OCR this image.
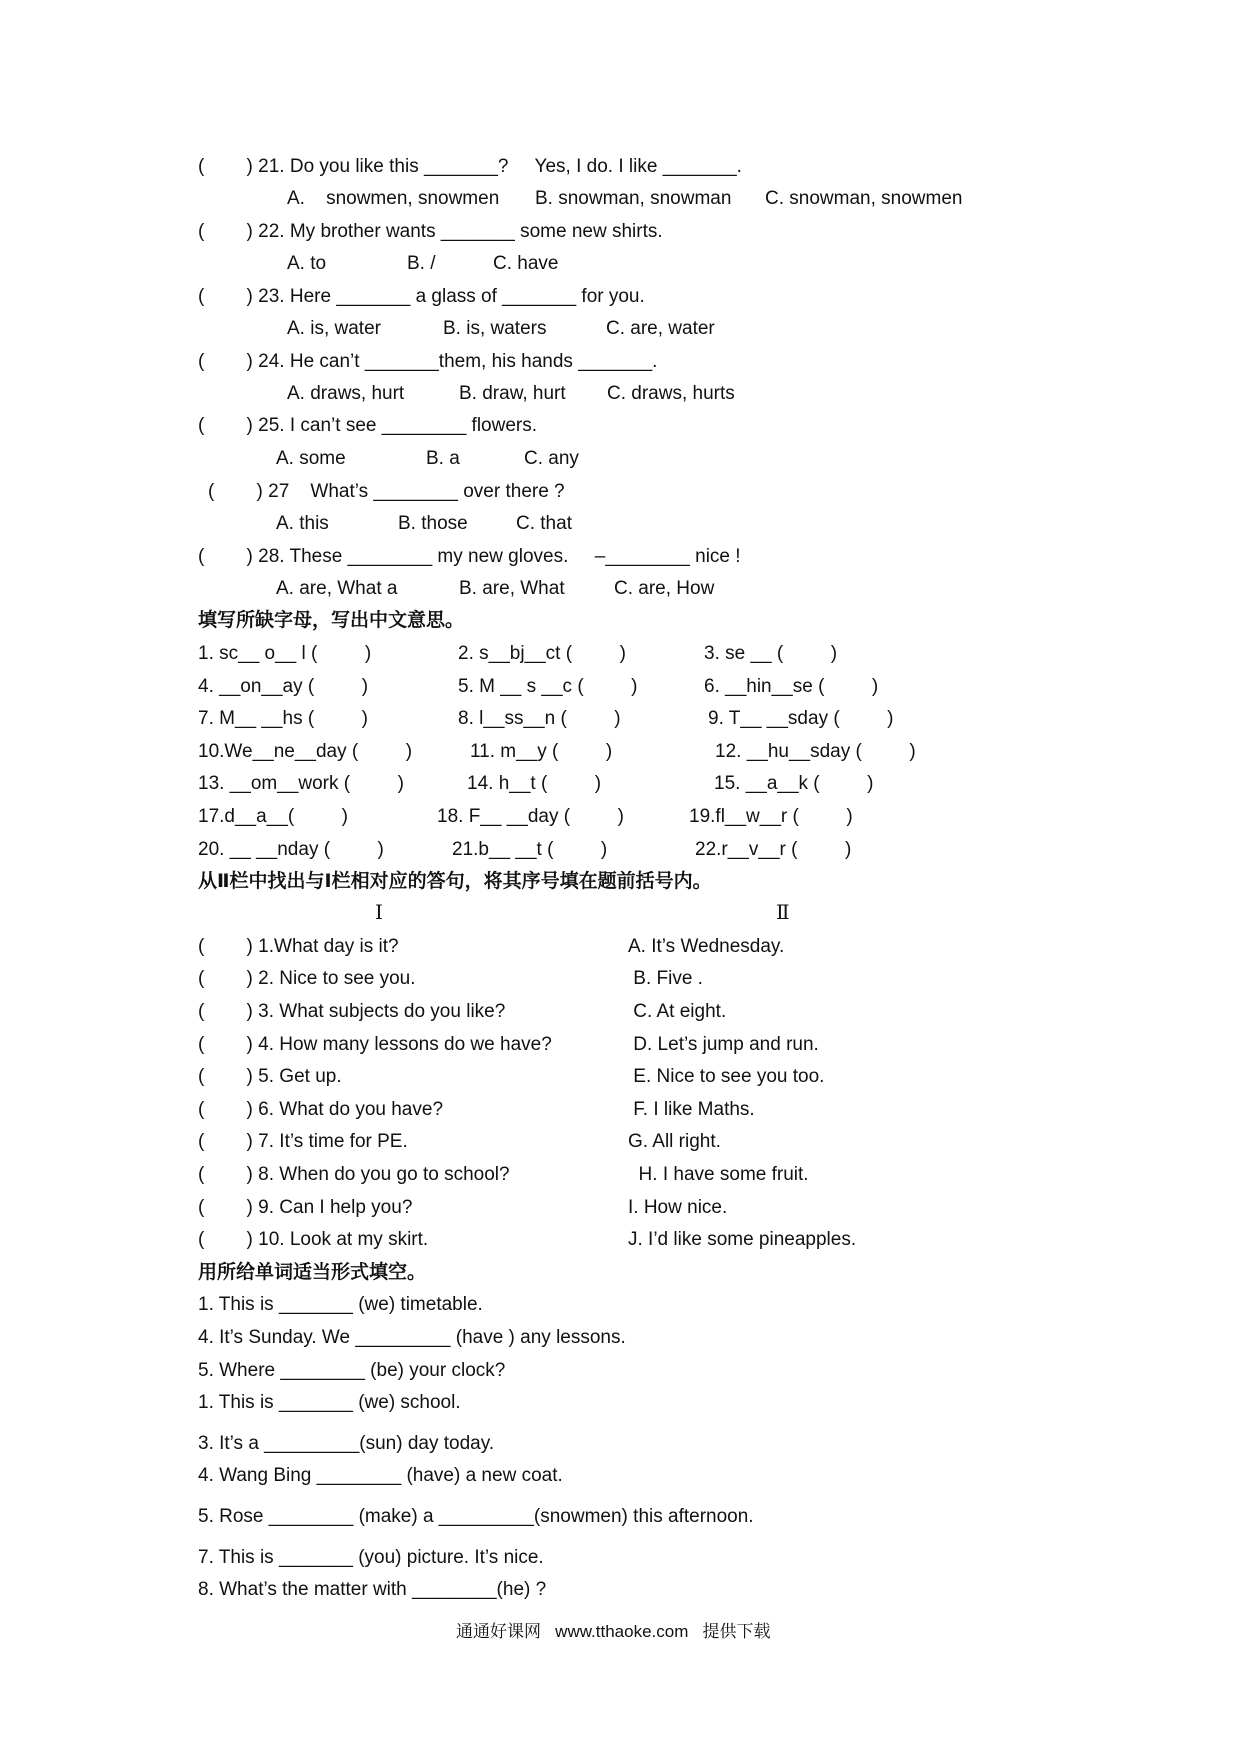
(        ) 21. Do you like this _______?     Yes, I do. I like _______.
A.    snowmen, snowmen B. snowman, snowman C. snowman, snowmen
(        ) 22. My brother wants _______ some new shirts.
A. to	B. /	C. have
(        ) 23. Here _______ a glass of _______ for you.
A. is, water	B. is, waters	C. are, water
(        ) 24. He can’t _______them, his hands _______.
A. draws, hurt	B. draw, hurt C. draws, hurts
(        ) 25. I can’t see ________ flowers.
A. some	B. a	C. any
(        ) 27    What’s ________ over there ?
A. this	B. those	C. that
(        ) 28. These ________ my new gloves.     –________ nice !
A. are, What a	B. are, What	C. are, How
填写所缺字母，写出中文意思。
1. sc__ o__ l (         )	2. s__bj__ct (         )	3. se __ (         )
4. __on__ay (         )	5. M __ s __c (         )	6. __hin__se (         )
7. M__ __hs (         )	8. l__ss__n (         )	9. T__ __sday (         )
10.We__ne__day (         )	11. m__y (         )	12. __hu__sday (         )
13. __om__work (         )	14. h__t (         )	15. __a__k (         )
17.d__a__(         )	18. F__ __day (         )	19.fl__w__r (         )
20. __ __nday (         )	21.b__ __t (         )	22.r__v__r (         )
从Ⅱ栏中找出与Ⅰ栏相对应的答句，将其序号填在题前括号内。
Ⅰ	Ⅱ
(        ) 1.What day is it?	A. It’s Wednesday.
(        ) 2. Nice to see you.	B. Five .
(        ) 3. What subjects do you like?	C. At eight.
(        ) 4. How many lessons do we have?	D. Let’s jump and run.
(        ) 5. Get up.	E. Nice to see you too.
(        ) 6. What do you have?	F. I like Maths.
(        ) 7. It’s time for PE.	G. All right.
(        ) 8. When do you go to school?	H. I have some fruit.
(        ) 9. Can I help you?	I. How nice.
(        ) 10. Look at my skirt.	J. I’d like some pineapples.
用所给单词适当形式填空。
1. This is _______ (we) timetable.
4. It’s Sunday. We _________ (have ) any lessons.
5. Where ________ (be) your clock?
1. This is _______ (we) school.
3. It’s a _________(sun) day today.
4. Wang Bing ________ (have) a new coat.
5. Rose ________ (make) a _________(snowmen) this afternoon.
7. This is _______ (you) picture. It’s nice.
8. What’s the matter with ________(he) ?
通通好课网   www.tthaoke.com   提供下载
